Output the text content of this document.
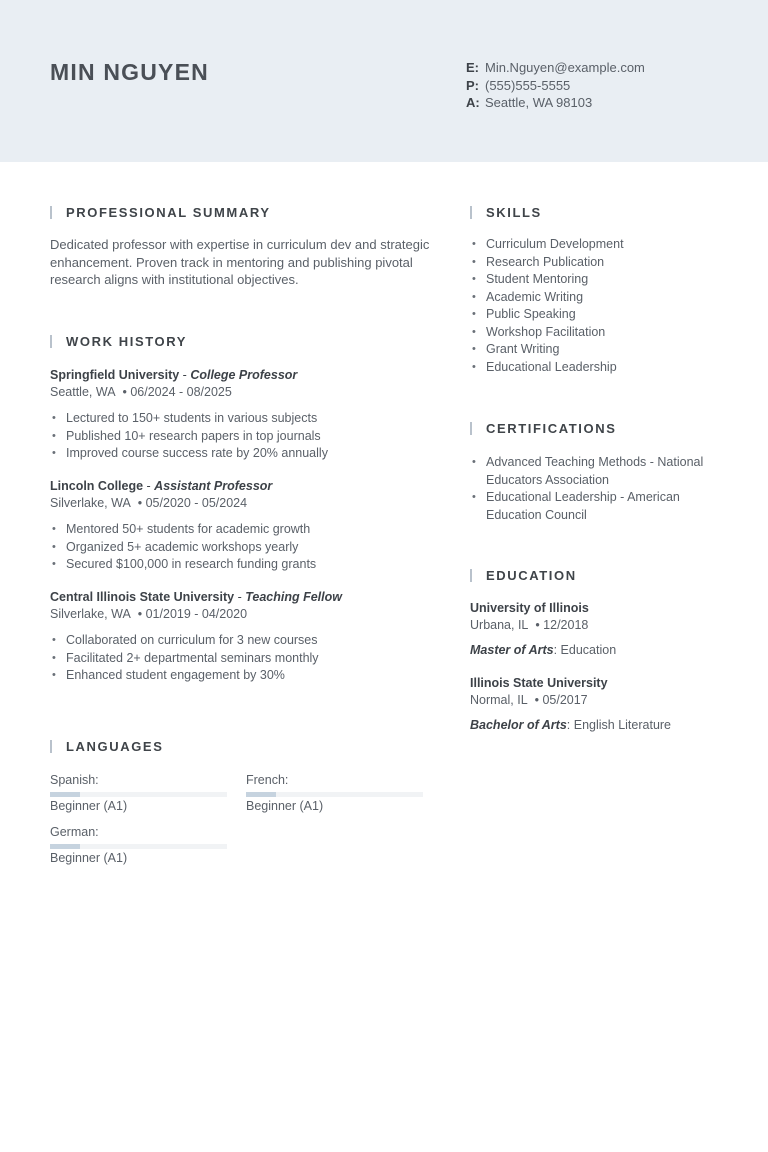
MIN NGUYEN	E: Min.Nguyen@example.com
P: (555)555-5555
A: Seattle, WA 98103
PROFESSIONAL SUMMARY
Dedicated professor with expertise in curriculum dev and strategic enhancement. Proven track in mentoring and publishing pivotal research aligns with institutional objectives.
WORK HISTORY
Springfield University - College Professor
Seattle, WA  • 06/2024 - 08/2025
• Lectured to 150+ students in various subjects
• Published 10+ research papers in top journals
• Improved course success rate by 20% annually
Lincoln College - Assistant Professor
Silverlake, WA  • 05/2020 - 05/2024
• Mentored 50+ students for academic growth
• Organized 5+ academic workshops yearly
• Secured $100,000 in research funding grants
Central Illinois State University - Teaching Fellow
Silverlake, WA  • 01/2019 - 04/2020
• Collaborated on curriculum for 3 new courses
• Facilitated 2+ departmental seminars monthly
• Enhanced student engagement by 30%
LANGUAGES
Spanish:
Beginner (A1)
French:
Beginner (A1)
German:
Beginner (A1)
SKILLS
• Curriculum Development
• Research Publication
• Student Mentoring
• Academic Writing
• Public Speaking
• Workshop Facilitation
• Grant Writing
• Educational Leadership
CERTIFICATIONS
• Advanced Teaching Methods - National Educators Association
• Educational Leadership - American Education Council
EDUCATION
University of Illinois
Urbana, IL  • 12/2018
Master of Arts: Education
Illinois State University
Normal, IL  • 05/2017
Bachelor of Arts: English Literature
